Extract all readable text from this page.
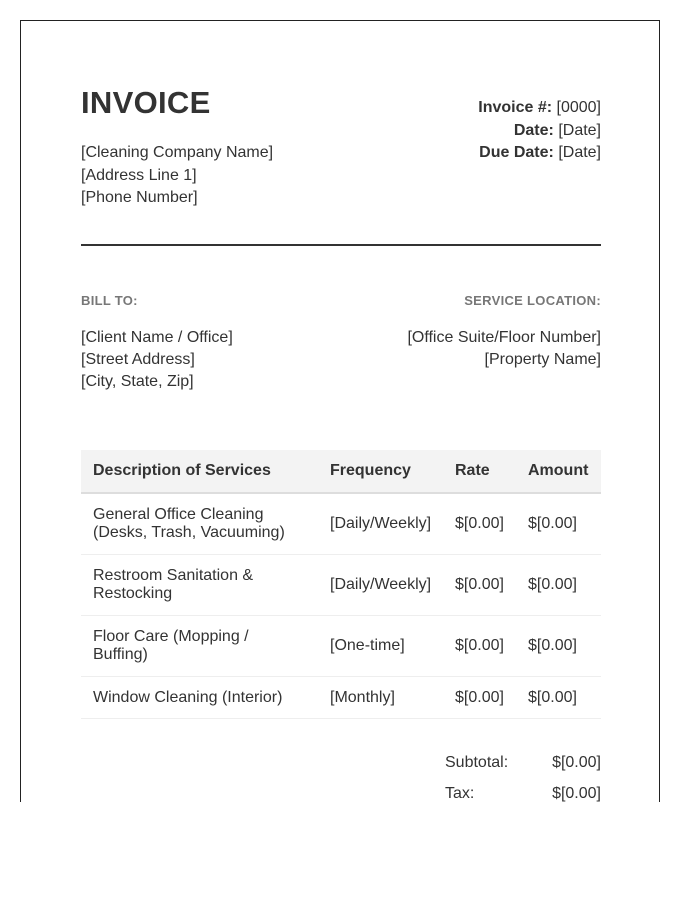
INVOICE
[Cleaning Company Name]
[Address Line 1]
[Phone Number]
Invoice #: [0000]
Date: [Date]
Due Date: [Date]
BILL TO:	SERVICE LOCATION:
[Client Name / Office]
[Street Address]
[City, State, Zip]
[Office Suite/Floor Number]
[Property Name]
Description of Services	Frequency	Rate	Amount

General Office Cleaning
(Desks, Trash, Vacuuming)	[Daily/Weekly]	$[0.00]	$[0.00]

Restroom Sanitation &
Restocking	[Daily/Weekly]	$[0.00]	$[0.00]

Floor Care (Mopping /
Buffing)	[One-time]	$[0.00]	$[0.00]

Window Cleaning (Interior)	[Monthly]	$[0.00]	$[0.00]
Subtotal:	$[0.00]
Tax:	$[0.00]
